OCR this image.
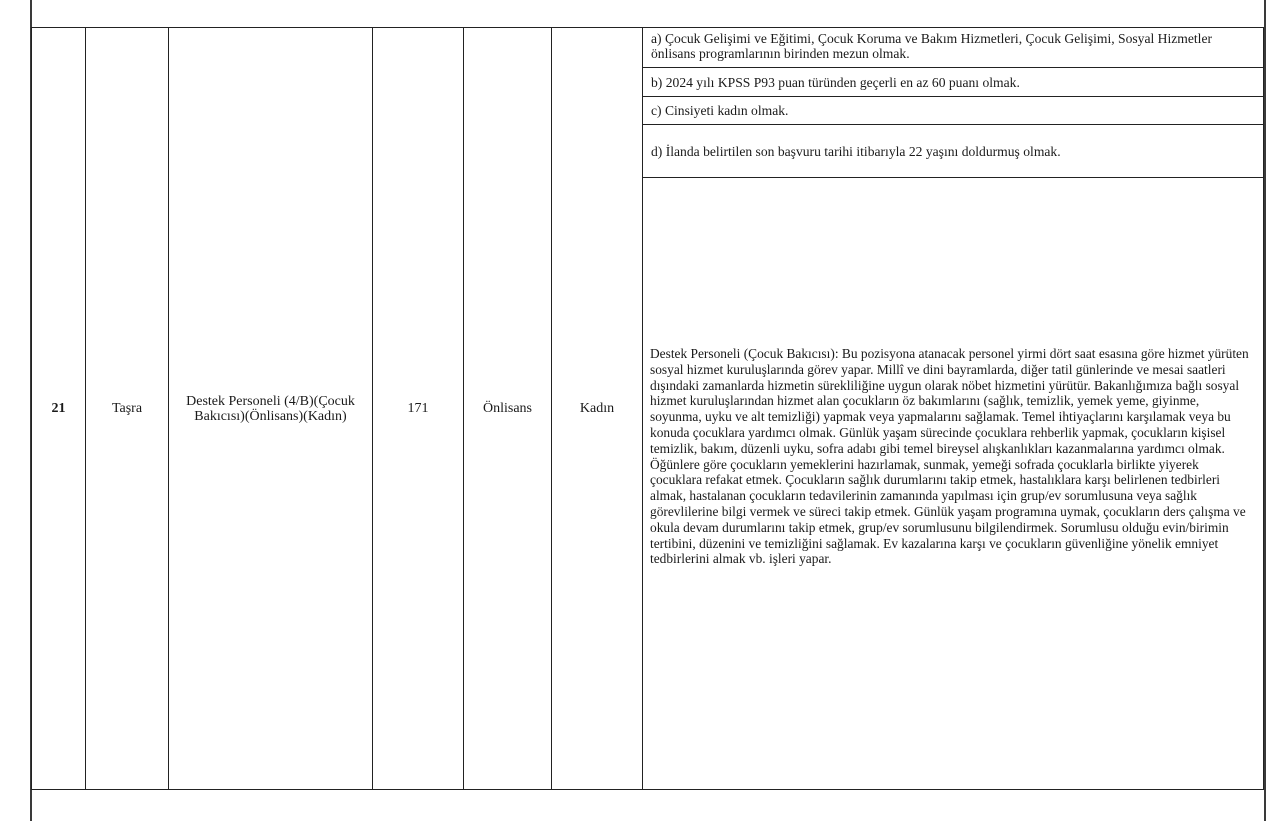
21	Taşra	Destek Personeli (4/B)(Çocuk Bakıcısı)(Önlisans)(Kadın)	171	Önlisans	Kadın	a) Çocuk Gelişimi ve Eğitimi, Çocuk Koruma ve Bakım Hizmetleri, Çocuk Gelişimi, Sosyal Hizmetler önlisans programlarının birinden mezun olmak.
b) 2024 yılı KPSS P93 puan türünden geçerli en az 60 puanı olmak.
c) Cinsiyeti kadın olmak.
d) İlanda belirtilen son başvuru tarihi itibarıyla 22 yaşını doldurmuş olmak.
Destek Personeli (Çocuk Bakıcısı): Bu pozisyona atanacak personel yirmi dört saat esasına göre hizmet yürüten sosyal hizmet kuruluşlarında görev yapar. Millî ve dini bayramlarda, diğer tatil günlerinde ve mesai saatleri dışındaki zamanlarda hizmetin sürekliliğine uygun olarak nöbet hizmetini yürütür. Bakanlığımıza bağlı sosyal hizmet kuruluşlarından hizmet alan çocukların öz bakımlarını (sağlık, temizlik, yemek yeme, giyinme, soyunma, uyku ve alt temizliği) yapmak veya yapmalarını sağlamak. Temel ihtiyaçlarını karşılamak veya bu konuda çocuklara yardımcı olmak. Günlük yaşam sürecinde çocuklara rehberlik yapmak, çocukların kişisel temizlik, bakım, düzenli uyku, sofra adabı gibi temel bireysel alışkanlıkları kazanmalarına yardımcı olmak. Öğünlere göre çocukların yemeklerini hazırlamak, sunmak, yemeği sofrada çocuklarla birlikte yiyerek çocuklara refakat etmek. Çocukların sağlık durumlarını takip etmek, hastalıklara karşı belirlenen tedbirleri almak, hastalanan çocukların tedavilerinin zamanında yapılması için grup/ev sorumlusuna veya sağlık görevlilerine bilgi vermek ve süreci takip etmek. Günlük yaşam programına uymak, çocukların ders çalışma ve okula devam durumlarını takip etmek, grup/ev sorumlusunu bilgilendirmek. Sorumlusu olduğu evin/birimin tertibini, düzenini ve temizliğini sağlamak. Ev kazalarına karşı ve çocukların güvenliğine yönelik emniyet tedbirlerini almak vb. işleri yapar.
